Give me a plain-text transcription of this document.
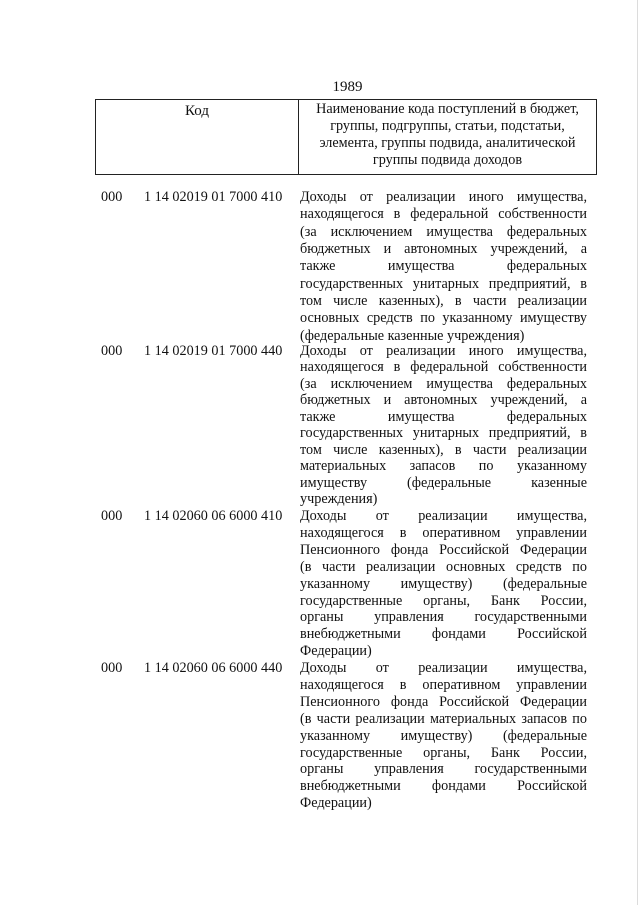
1989
Код	Наименование кода поступлений в бюджет,
группы, подгруппы, статьи, подстатьи,
элемента, группы подвида, аналитической
группы подвида доходов
000 1 14 02019 01 7000 410 Доходы от реализации иного имущества,
находящегося в федеральной собственности
(за исключением имущества федеральных
бюджетных и автономных учреждений, а
также имущества федеральных
государственных унитарных предприятий, в
том числе казенных), в части реализации
основных средств по указанному имуществу
(федеральные казенные учреждения)
000 1 14 02019 01 7000 440 Доходы от реализации иного имущества,
находящегося в федеральной собственности
(за исключением имущества федеральных
бюджетных и автономных учреждений, а
также имущества федеральных
государственных унитарных предприятий, в
том числе казенных), в части реализации
материальных запасов по указанному
имуществу (федеральные казенные
учреждения)
000 1 14 02060 06 6000 410 Доходы от реализации имущества,
находящегося в оперативном управлении
Пенсионного фонда Российской Федерации
(в части реализации основных средств по
указанному имуществу) (федеральные
государственные органы, Банк России,
органы управления государственными
внебюджетными фондами Российской
Федерации)
000 1 14 02060 06 6000 440 Доходы от реализации имущества,
находящегося в оперативном управлении
Пенсионного фонда Российской Федерации
(в части реализации материальных запасов по
указанному имуществу) (федеральные
государственные органы, Банк России,
органы управления государственными
внебюджетными фондами Российской
Федерации)
